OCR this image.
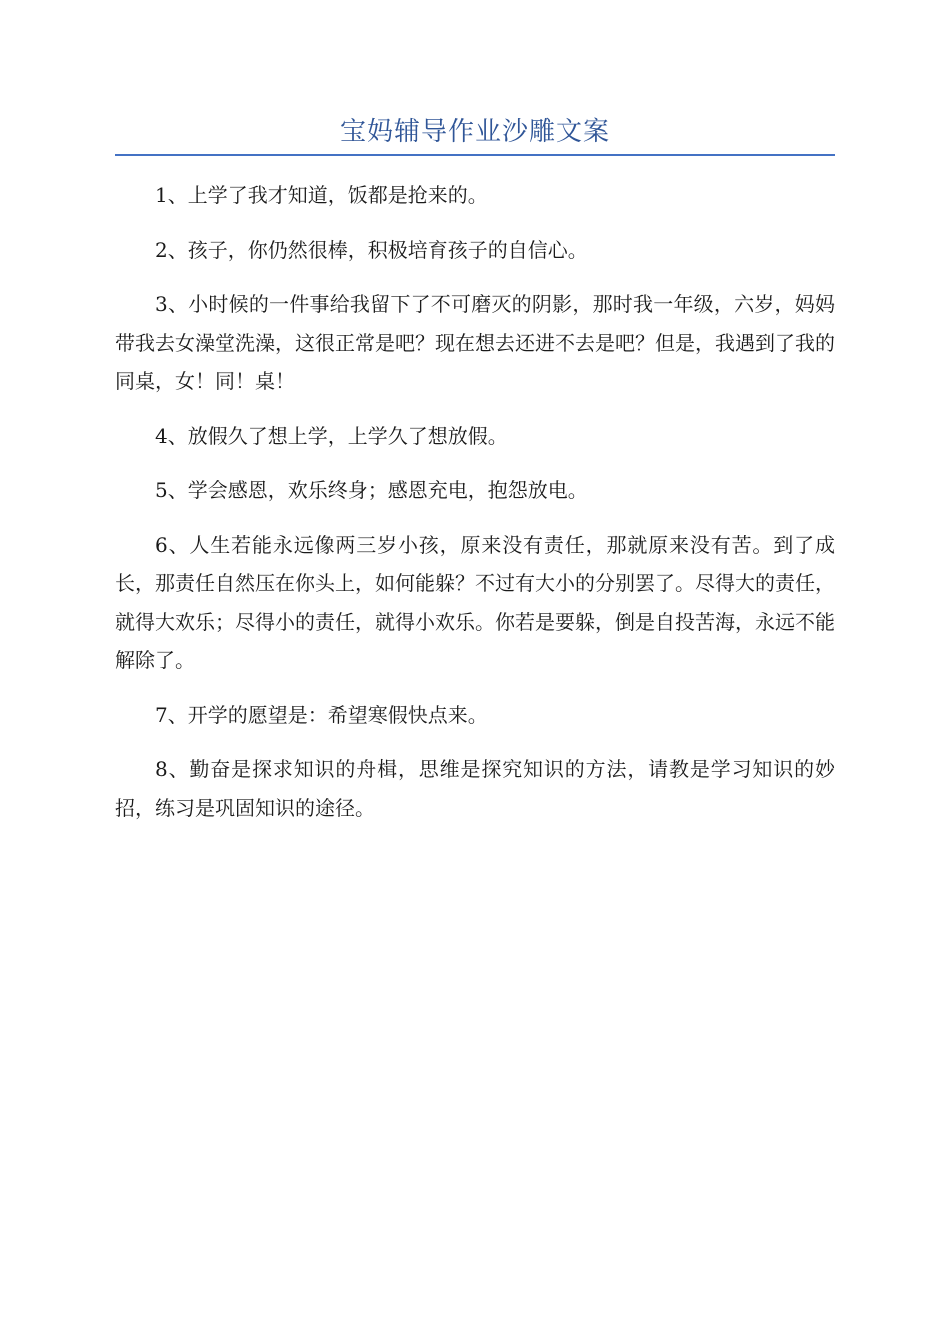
宝妈辅导作业沙雕文案

1、上学了我才知道，饭都是抢来的。

2、孩子，你仍然很棒，积极培育孩子的自信心。

3、小时候的一件事给我留下了不可磨灭的阴影，那时我一年级，六岁，妈妈带我去女澡堂洗澡，这很正常是吧？现在想去还进不去是吧？但是，我遇到了我的同桌，女！同！桌！

4、放假久了想上学，上学久了想放假。

5、学会感恩，欢乐终身；感恩充电，抱怨放电。

6、人生若能永远像两三岁小孩，原来没有责任，那就原来没有苦。到了成长，那责任自然压在你头上，如何能躲？不过有大小的分别罢了。尽得大的责任，就得大欢乐；尽得小的责任，就得小欢乐。你若是要躲，倒是自投苦海，永远不能解除了。

7、开学的愿望是：希望寒假快点来。

8、勤奋是探求知识的舟楫，思维是探究知识的方法，请教是学习知识的妙招，练习是巩固知识的途径。
